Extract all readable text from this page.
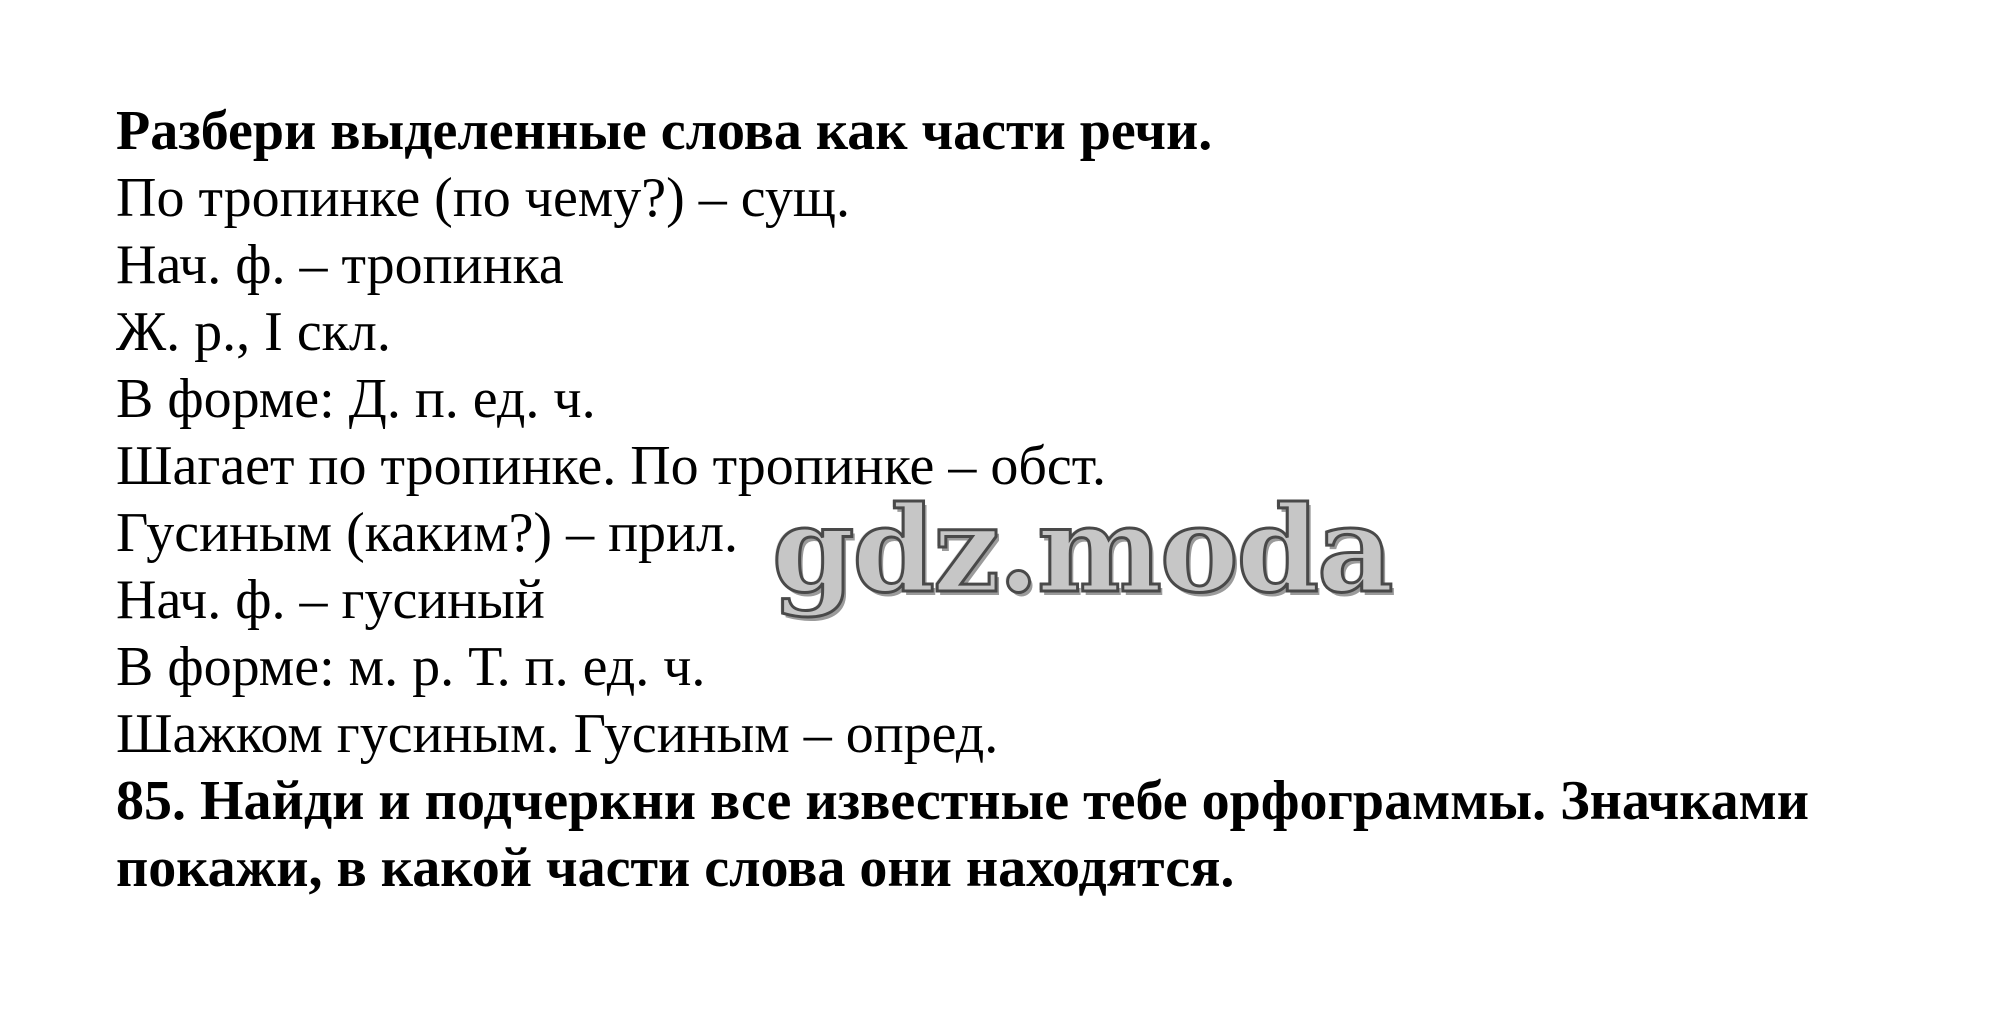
Разбери выделенные слова как части речи.
По тропинке (по чему?) – сущ.
Нач. ф. – тропинка
Ж. р., I скл.
В форме: Д. п. ед. ч.
Шагает по тропинке. По тропинке – обст.
Гусиным (каким?) – прил.
Нач. ф. – гусиный
В форме: м. р. Т. п. ед. ч.
Шажком гусиным. Гусиным – опред.
85. Найди и подчеркни все известные тебе орфограммы. Значками
покажи, в какой части слова они находятся.
gdz.moda
